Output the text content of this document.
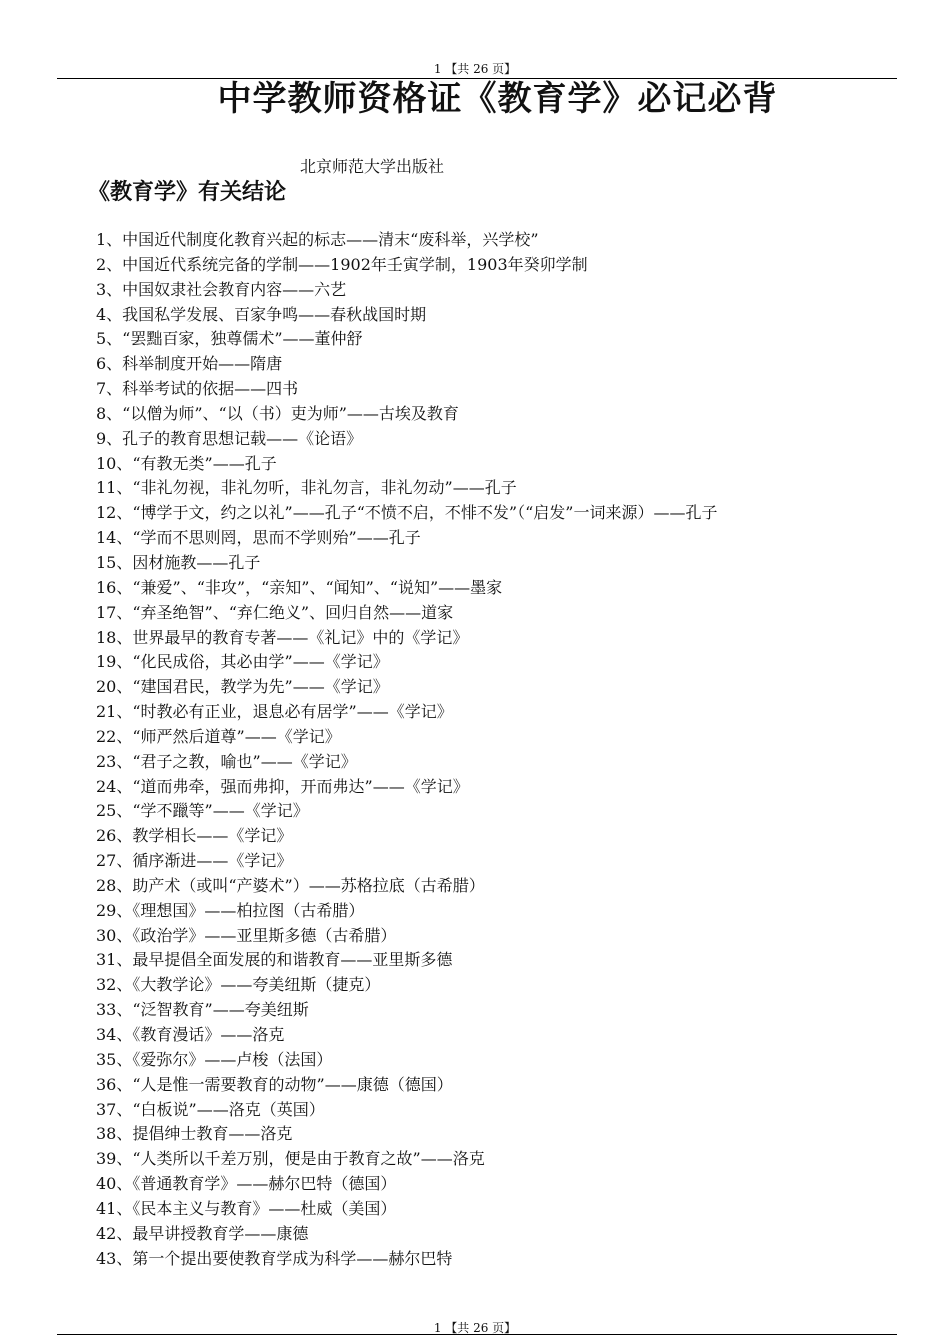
1 【共 26 页】
中学教师资格证《教育学》必记必背
北京师范大学出版社
《教育学》有关结论
1、中国近代制度化教育兴起的标志——清末“废科举，兴学校”
2、中国近代系统完备的学制——1902年壬寅学制，1903年癸卯学制
3、中国奴隶社会教育内容——六艺
4、我国私学发展、百家争鸣——春秋战国时期
5、“罢黜百家，独尊儒术”——董仲舒
6、科举制度开始——隋唐
7、科举考试的依据——四书
8、“以僧为师”、“以（书）吏为师”——古埃及教育
9、孔子的教育思想记载——《论语》
10、“有教无类”——孔子
11、“非礼勿视，非礼勿听，非礼勿言，非礼勿动”——孔子
12、“博学于文，约之以礼”——孔子“不愤不启，不悱不发”（“启发”一词来源）——孔子
14、“学而不思则罔，思而不学则殆”——孔子
15、因材施教——孔子
16、“兼爱”、“非攻”，“亲知”、“闻知”、“说知”——墨家
17、“弃圣绝智”、“弃仁绝义”、回归自然——道家
18、世界最早的教育专著——《礼记》中的《学记》
19、“化民成俗，其必由学”——《学记》
20、“建国君民，教学为先”——《学记》
21、“时教必有正业，退息必有居学”——《学记》
22、“师严然后道尊”——《学记》
23、“君子之教，喻也”——《学记》
24、“道而弗牵，强而弗抑，开而弗达”——《学记》
25、“学不躐等”——《学记》
26、教学相长——《学记》
27、循序渐进——《学记》
28、助产术（或叫“产婆术”）——苏格拉底（古希腊）
29、《理想国》——柏拉图（古希腊）
30、《政治学》——亚里斯多德（古希腊）
31、最早提倡全面发展的和谐教育——亚里斯多德
32、《大教学论》——夸美纽斯（捷克）
33、“泛智教育”——夸美纽斯
34、《教育漫话》——洛克
35、《爱弥尔》——卢梭（法国）
36、“人是惟一需要教育的动物”——康德（德国）
37、“白板说”——洛克（英国）
38、提倡绅士教育——洛克
39、“人类所以千差万别，便是由于教育之故”——洛克
40、《普通教育学》——赫尔巴特（德国）
41、《民本主义与教育》——杜威（美国）
42、最早讲授教育学——康德
43、第一个提出要使教育学成为科学——赫尔巴特
1 【共 26 页】
